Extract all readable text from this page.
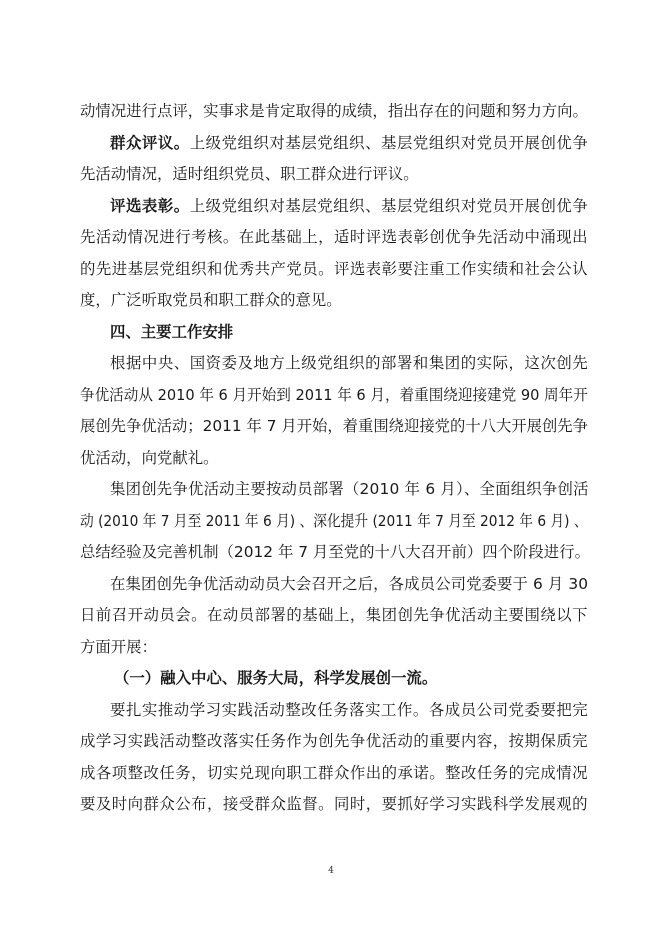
动情况进行点评，实事求是肯定取得的成绩，指出存在的问题和努力方向。
群众评议。上级党组织对基层党组织、基层党组织对党员开展创优争
先活动情况，适时组织党员、职工群众进行评议。
评选表彰。上级党组织对基层党组织、基层党组织对党员开展创优争
先活动情况进行考核。在此基础上，适时评选表彰创优争先活动中涌现出
的先进基层党组织和优秀共产党员。评选表彰要注重工作实绩和社会公认
度，广泛听取党员和职工群众的意见。
四、主要工作安排
根据中央、国资委及地方上级党组织的部署和集团的实际，这次创先
争优活动从 2010 年 6 月开始到 2011 年 6 月，着重围绕迎接建党 90 周年开
展创先争优活动；2011 年 7 月开始，着重围绕迎接党的十八大开展创先争
优活动，向党献礼。
集团创先争优活动主要按动员部署（2010 年 6 月）、全面组织争创活
动 (2010 年 7 月至 2011 年 6 月) 、深化提升 (2011 年 7 月至 2012 年 6 月) 、
总结经验及完善机制（2012 年 7 月至党的十八大召开前）四个阶段进行。
在集团创先争优活动动员大会召开之后，各成员公司党委要于 6 月 30
日前召开动员会。在动员部署的基础上，集团创先争优活动主要围绕以下
方面开展：
（一）融入中心、服务大局，科学发展创一流。
要扎实推动学习实践活动整改任务落实工作。各成员公司党委要把完
成学习实践活动整改落实任务作为创先争优活动的重要内容，按期保质完
成各项整改任务，切实兑现向职工群众作出的承诺。整改任务的完成情况
要及时向群众公布，接受群众监督。同时，要抓好学习实践科学发展观的
4
